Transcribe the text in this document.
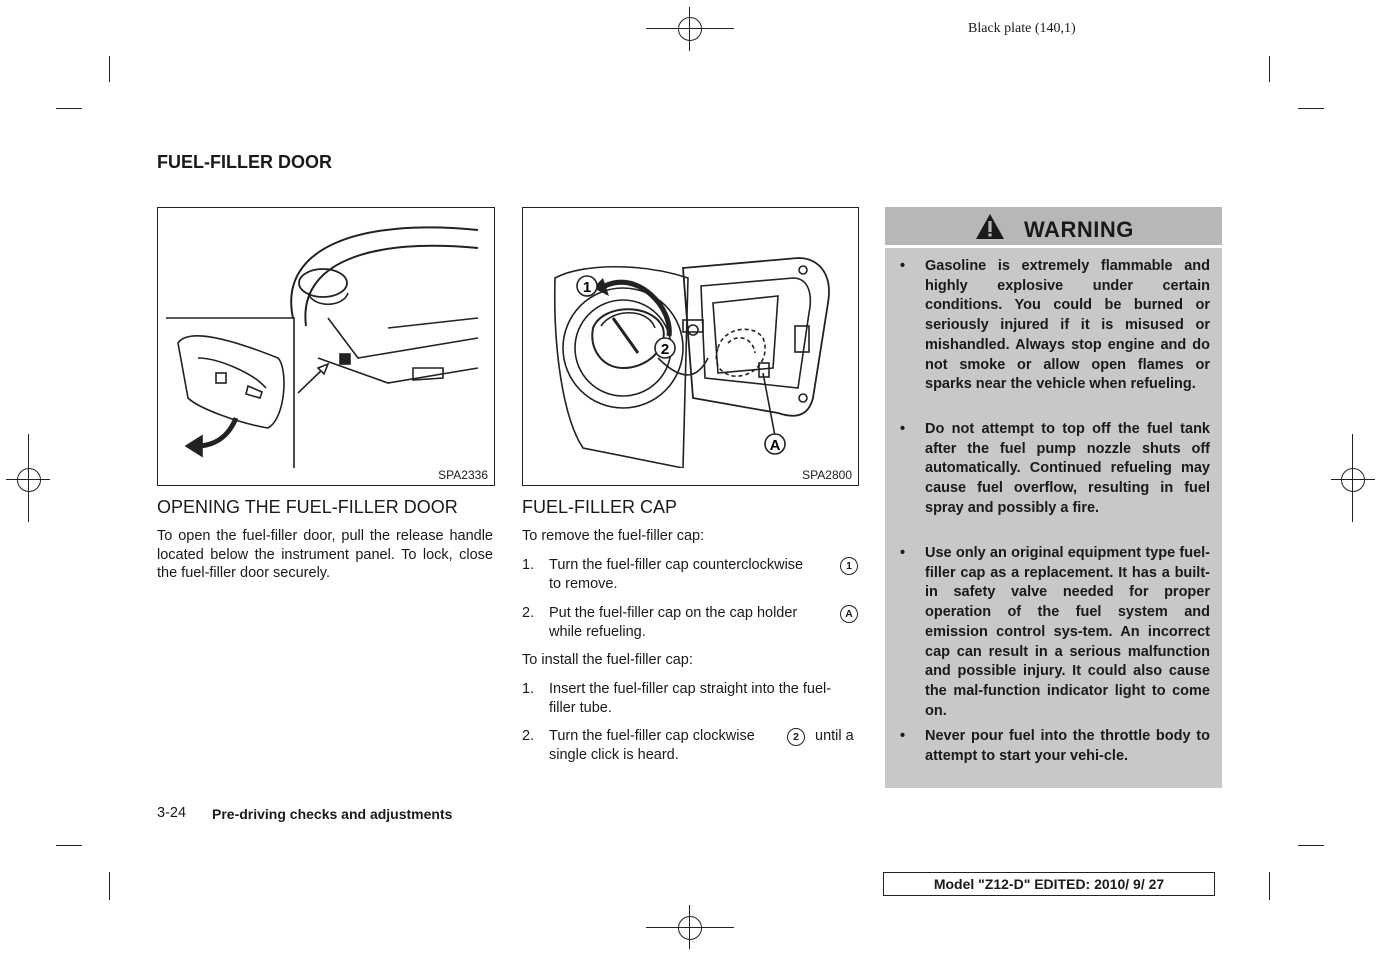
Black plate (140,1)
FUEL-FILLER DOOR
SPA2336
1
2
A
SPA2800
OPENING THE FUEL-FILLER DOOR
To open the fuel-filler door, pull the release handle located below the instrument panel. To lock, close the fuel-filler door securely.
FUEL-FILLER CAP
To remove the fuel-filler cap:
1. Turn the fuel-filler cap counterclockwise	1
to remove.
2. Put the fuel-filler cap on the cap holder	A
while refueling.
To install the fuel-filler cap:
1. Insert the fuel-filler cap straight into the fuel-
filler tube.
2. Turn the fuel-filler cap clockwise	2	until a
single click is heard.
WARNING
• Gasoline is extremely flammable and highly explosive under certain conditions. You could be burned or seriously injured if it is misused or mishandled. Always stop engine and do not smoke or allow open flames or sparks near the vehicle when refueling.
• Do not attempt to top off the fuel tank after the fuel pump nozzle shuts off automatically. Continued refueling may cause fuel overflow, resulting in fuel spray and possibly a fire.
• Use only an original equipment type fuel-filler cap as a replacement. It has a built-in safety valve needed for proper operation of the fuel system and emission control sys-tem. An incorrect cap can result in a serious malfunction and possible injury. It could also cause the mal-function indicator light to come on.
• Never pour fuel into the throttle body to attempt to start your vehi-cle.
3-24 Pre-driving checks and adjustments
Model "Z12-D" EDITED: 2010/ 9/ 27
